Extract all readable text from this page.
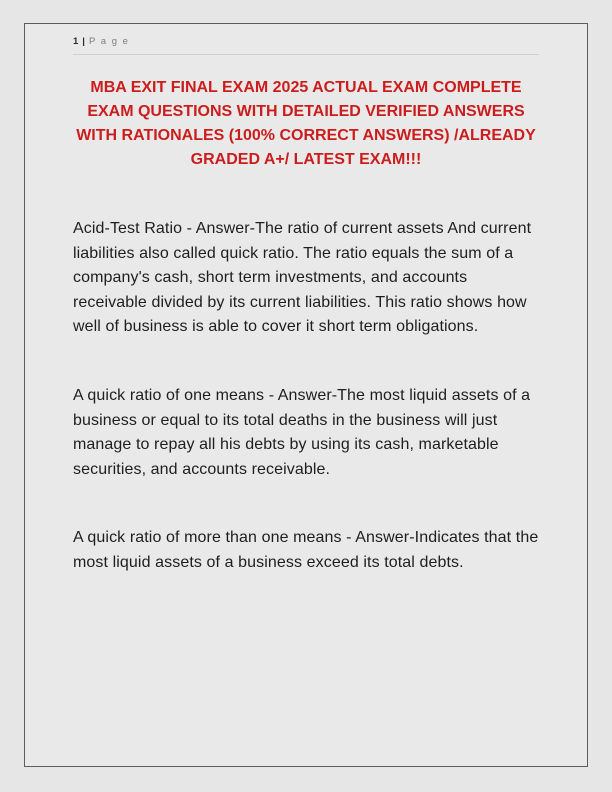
1 | P a g e
MBA EXIT FINAL EXAM 2025 ACTUAL EXAM COMPLETE EXAM QUESTIONS WITH DETAILED VERIFIED ANSWERS WITH RATIONALES (100% CORRECT ANSWERS) /ALREADY GRADED A+/ LATEST EXAM!!!

Acid-Test Ratio - Answer-The ratio of current assets And current liabilities also called quick ratio. The ratio equals the sum of a company's cash, short term investments, and accounts receivable divided by its current liabilities. This ratio shows how well of business is able to cover it short term obligations.

A quick ratio of one means - Answer-The most liquid assets of a business or equal to its total deaths in the business will just manage to repay all his debts by using its cash, marketable securities, and accounts receivable.

A quick ratio of more than one means - Answer-Indicates that the most liquid assets of a business exceed its total debts.
